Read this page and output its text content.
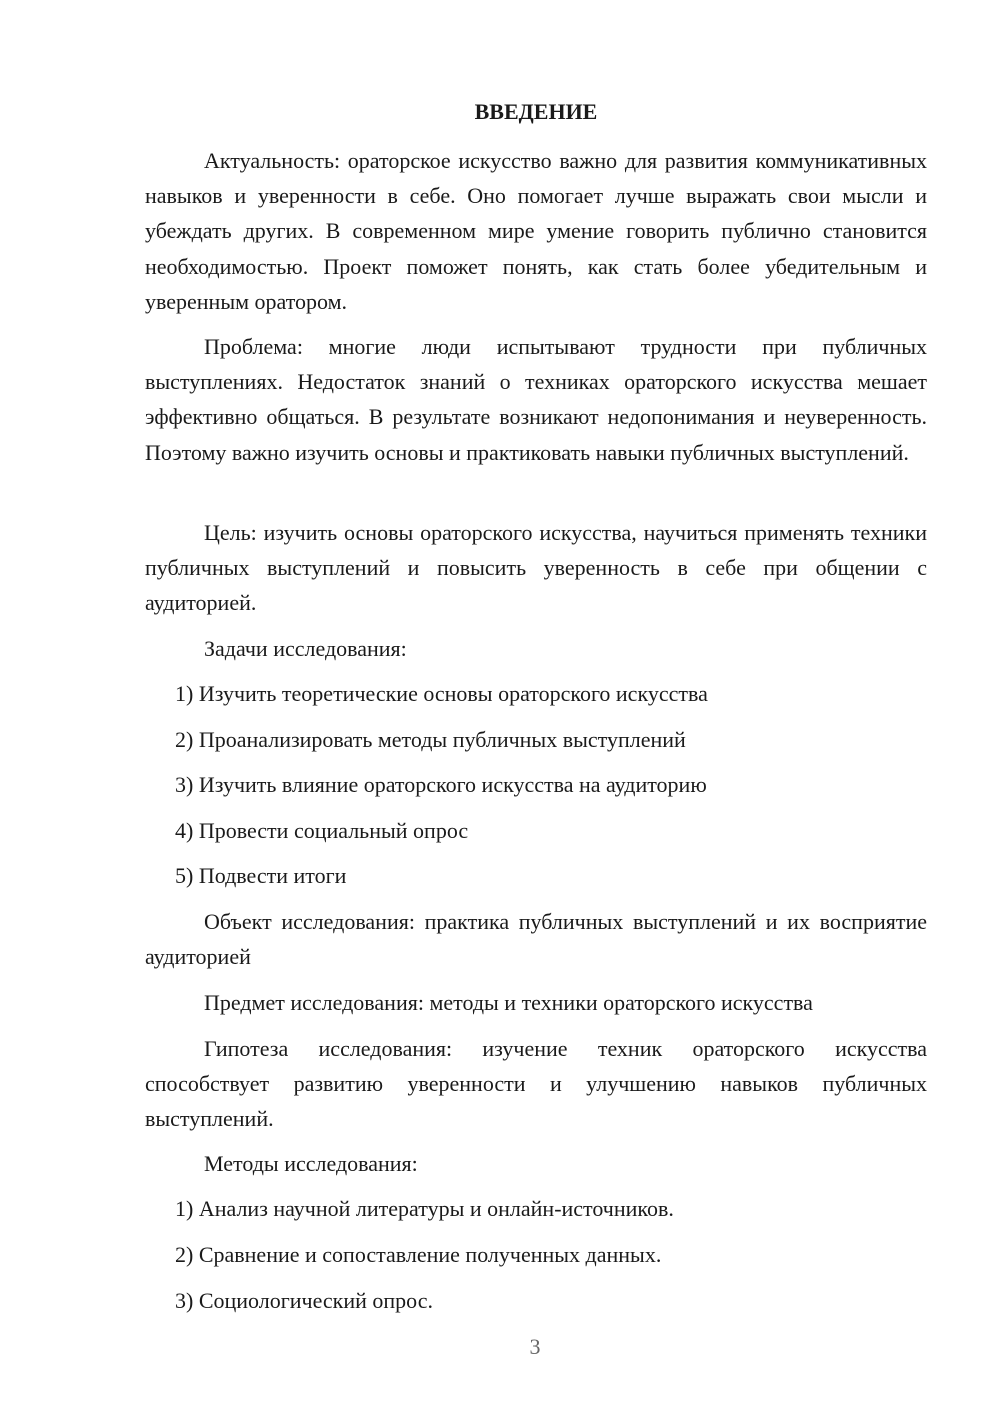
ВВЕДЕНИЕ

Актуальность: ораторское искусство важно для развития коммуникативных навыков и уверенности в себе. Оно помогает лучше выражать свои мысли и убеждать других. В современном мире умение говорить публично становится необходимостью. Проект поможет понять, как стать более убедительным и уверенным оратором.

Проблема: многие люди испытывают трудности при публичных выступлениях. Недостаток знаний о техниках ораторского искусства мешает эффективно общаться. В результате возникают недопонимания и неуверенность. Поэтому важно изучить основы и практиковать навыки публичных выступлений.

Цель: изучить основы ораторского искусства, научиться применять техники публичных выступлений и повысить уверенность в себе при общении с аудиторией.

Задачи исследования:

1) Изучить теоретические основы ораторского искусства

2) Проанализировать методы публичных выступлений

3) Изучить влияние ораторского искусства на аудиторию

4) Провести социальный опрос

5) Подвести итоги

Объект исследования: практика публичных выступлений и их восприятие аудиторией

Предмет исследования: методы и техники ораторского искусства

Гипотеза исследования: изучение техник ораторского искусства способствует развитию уверенности и улучшению навыков публичных выступлений.

Методы исследования:

1) Анализ научной литературы и онлайн-источников.

2) Сравнение и сопоставление полученных данных.

3) Социологический опрос.

3
